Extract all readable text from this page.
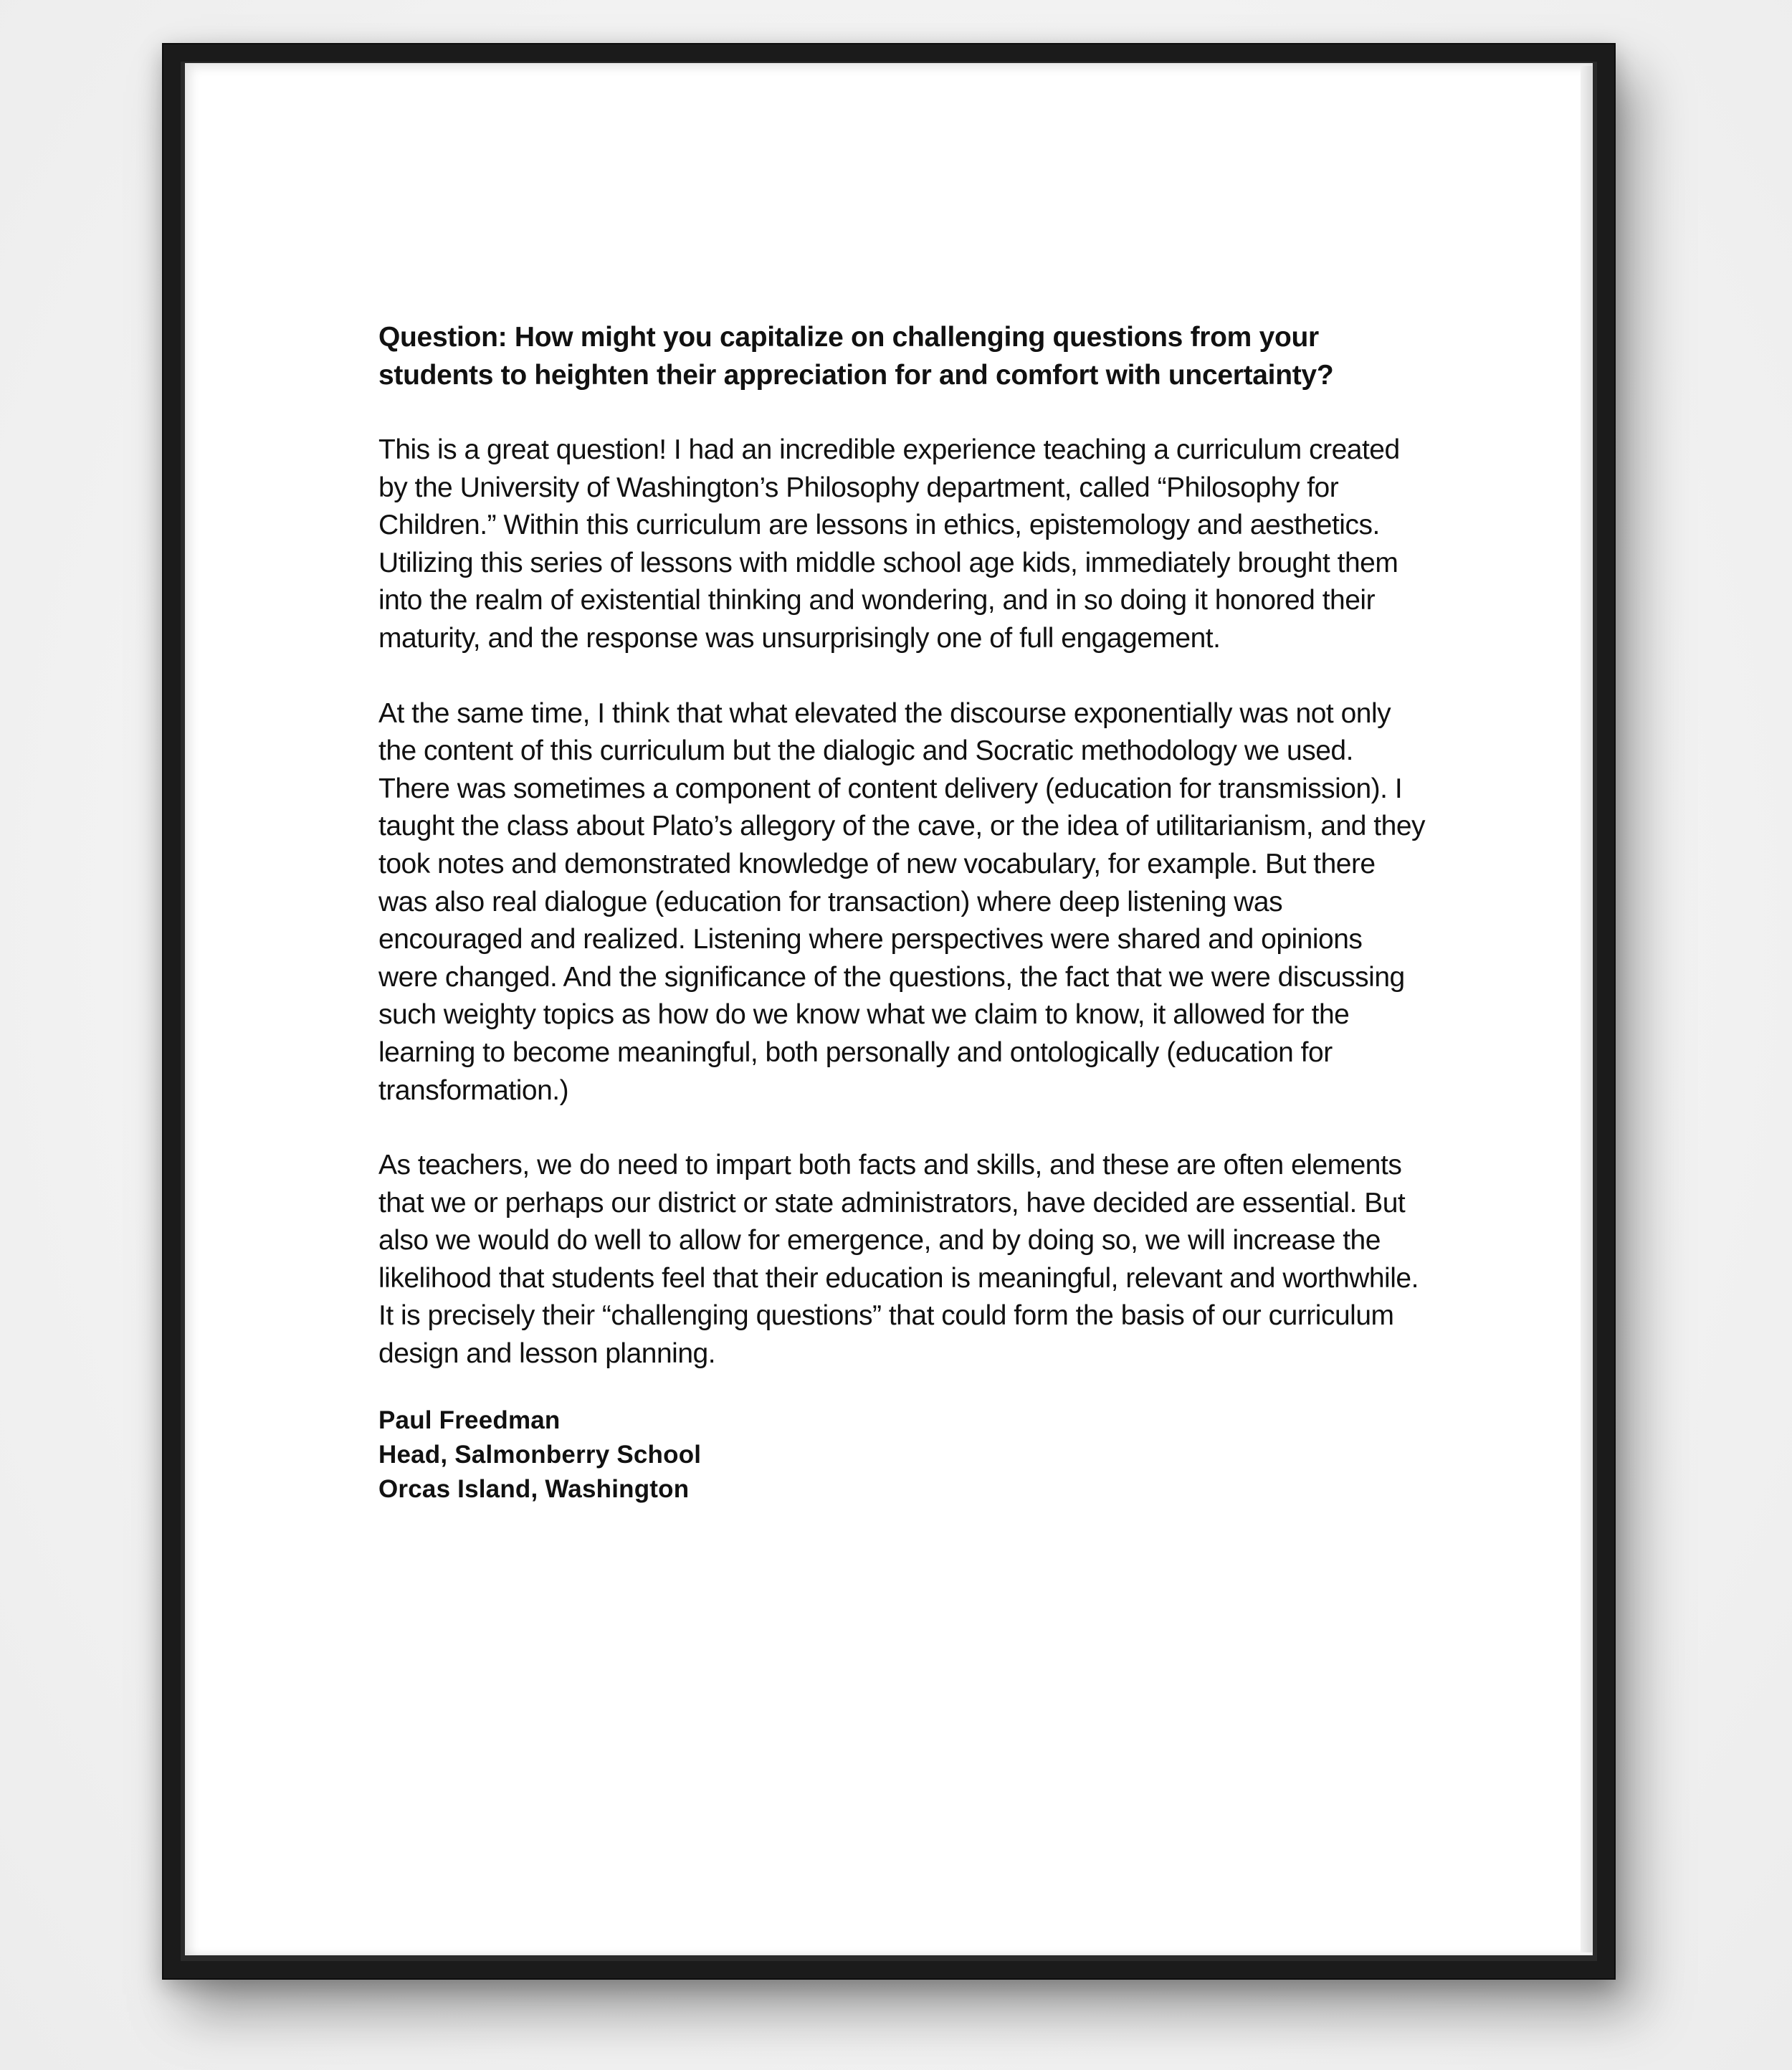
Question: How might you capitalize on challenging questions from your students to heighten their appreciation for and comfort with uncertainty?

This is a great question! I had an incredible experience teaching a curriculum created by the University of Washington’s Philosophy department, called “Philosophy for Children.” Within this curriculum are lessons in ethics, epistemology and aesthetics. Utilizing this series of lessons with middle school age kids, immediately brought them into the realm of existential thinking and wondering, and in so doing it honored their maturity, and the response was unsurprisingly one of full engagement.

At the same time, I think that what elevated the discourse exponentially was not only the content of this curriculum but the dialogic and Socratic methodology we used. There was sometimes a component of content delivery (education for transmission). I taught the class about Plato’s allegory of the cave, or the idea of utilitarianism, and they took notes and demonstrated knowledge of new vocabulary, for example. But there was also real dialogue (education for transaction) where deep listening was encouraged and realized. Listening where perspectives were shared and opinions were changed. And the significance of the questions, the fact that we were discussing such weighty topics as how do we know what we claim to know, it allowed for the learning to become meaningful, both personally and ontologically (education for transformation.)

As teachers, we do need to impart both facts and skills, and these are often elements that we or perhaps our district or state administrators, have decided are essential. But also we would do well to allow for emergence, and by doing so, we will increase the likelihood that students feel that their education is meaningful, relevant and worthwhile. It is precisely their “challenging questions” that could form the basis of our curriculum design and lesson planning.

Paul Freedman
Head, Salmonberry School
Orcas Island, Washington
